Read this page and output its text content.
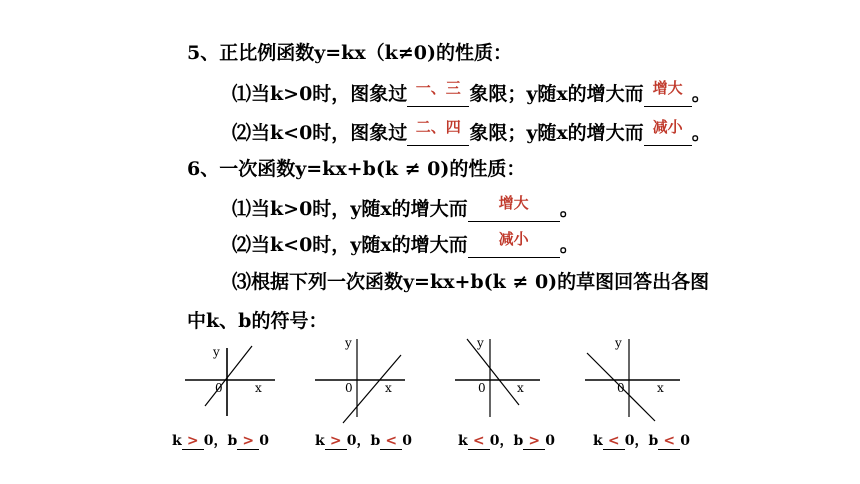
5、正比例函数y=kx（k≠0)的性质：
⑴当k>0时，图象过 一、三 象限；y随x的增大而 增大 。
⑵当k<0时，图象过 二、四 象限；y随x的增大而 减小 。
6、一次函数y=kx+b(k ≠ 0)的性质：
⑴当k>0时，y随x的增大而	增大	。
⑵当k<0时，y随x的增大而	减小	。
⑶根据下列一次函数y=kx+b(k ≠ 0)的草图回答出各图
中k、b的符号：
y
x
0
y
x
0
y
x
0
y
x
0
k > 0，b > 0	k > 0，b < 0	k < 0，b > 0	k < 0，b < 0
